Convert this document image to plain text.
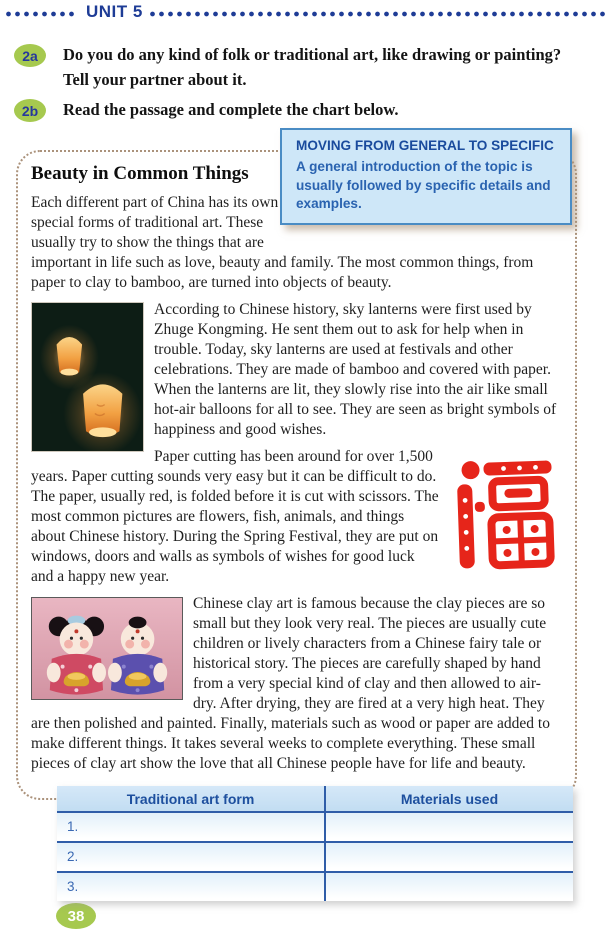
UNIT 5
2a	Do you do any kind of folk or traditional art, like drawing or painting?
Tell your partner about it.
2b	Read the passage and complete the chart below.
MOVING FROM GENERAL TO SPECIFIC
A general introduction of the topic is usually followed by specific details and examples.
Beauty in Common Things

Each different part of China has its own special forms of traditional art. These usually try to show the things that are important in life such as love, beauty and family. The most common things, from paper to clay to bamboo, are turned into objects of beauty.

According to Chinese history, sky lanterns were first used by Zhuge Kongming. He sent them out to ask for help when in trouble. Today, sky lanterns are used at festivals and other celebrations. They are made of bamboo and covered with paper. When the lanterns are lit, they slowly rise into the air like small hot-air balloons for all to see. They are seen as bright symbols of happiness and good wishes.

Paper cutting has been around for over 1,500 years. Paper cutting sounds very easy but it can be difficult to do. The paper, usually red, is folded before it is cut with scissors. The most common pictures are flowers, fish, animals, and things about Chinese history. During the Spring Festival, they are put on windows, doors and walls as symbols of wishes for good luck and a happy new year.

Chinese clay art is famous because the clay pieces are so small but they look very real. The pieces are usually cute children or lively characters from a Chinese fairy tale or historical story. The pieces are carefully shaped by hand from a very special kind of clay and then allowed to air-dry. After drying, they are fired at a very high heat. They are then polished and painted. Finally, materials such as wood or paper are added to make different things. It takes several weeks to complete everything. These small pieces of clay art show the love that all Chinese people have for life and beauty.

Traditional art form	Materials used
1.
2.
3.
38
